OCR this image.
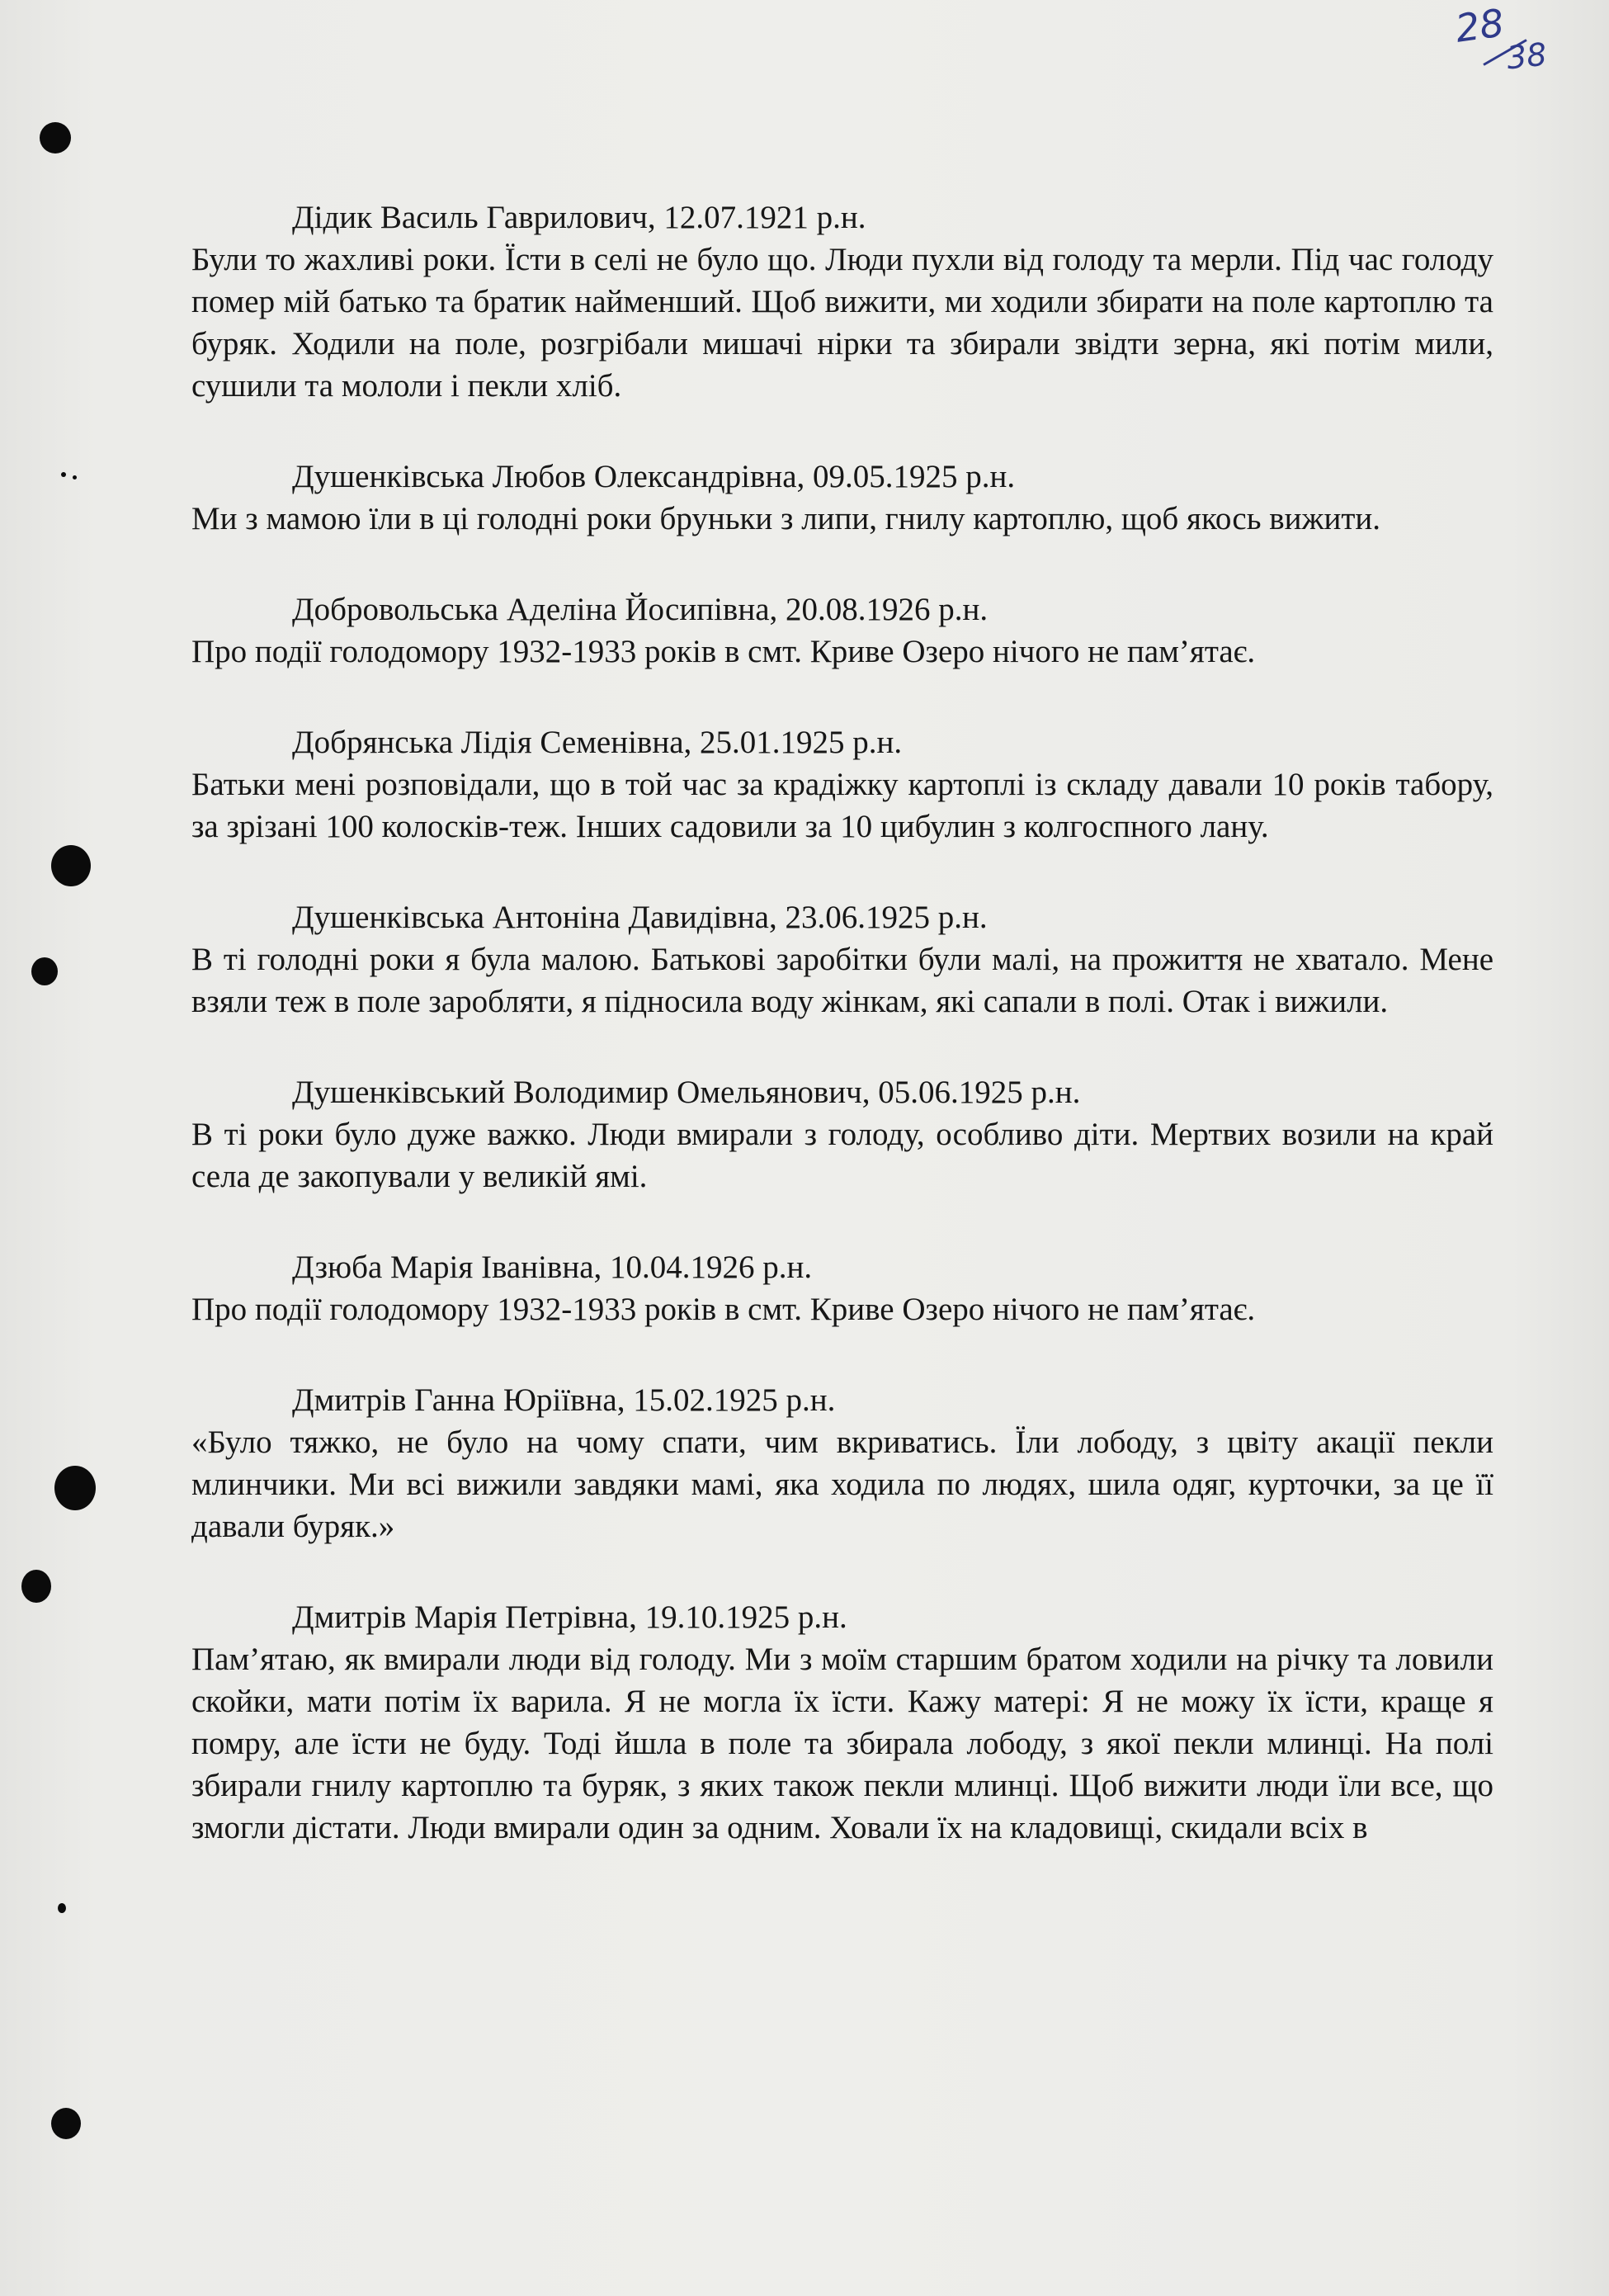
28
38

Дідик Василь Гаврилович, 12.07.1921 р.н.

Були то жахливі роки. Їсти в селі не було що. Люди пухли від голоду та мерли. Під час голоду помер мій батько та братик найменший. Щоб вижити, ми ходили збирати на поле картоплю та буряк. Ходили на поле, розгрібали мишачі нірки та збирали звідти зерна, які потім мили, сушили та мололи і пекли хліб.

Душенківська Любов Олександрівна, 09.05.1925 р.н.

Ми з мамою їли в ці голодні роки бруньки з липи, гнилу картоплю, щоб якось вижити.

Добровольська Аделіна Йосипівна, 20.08.1926 р.н.

Про події голодомору 1932-1933 років в смт. Криве Озеро нічого не пам’ятає.

Добрянська Лідія Семенівна, 25.01.1925 р.н.

Батьки мені розповідали, що в той час за крадіжку картоплі із складу давали 10 років табору, за зрізані 100 колосків-теж. Інших садовили за 10 цибулин з колгоспного лану.

Душенківська Антоніна Давидівна, 23.06.1925 р.н.

В ті голодні роки я була малою. Батькові заробітки були малі, на прожиття не хватало. Мене взяли теж в поле заробляти, я підносила воду жінкам, які сапали в полі. Отак і вижили.

Душенківський Володимир Омельянович, 05.06.1925 р.н.

В ті роки було дуже важко. Люди вмирали з голоду, особливо діти. Мертвих возили на край села де закопували у великій ямі.

Дзюба Марія Іванівна, 10.04.1926 р.н.

Про події голодомору 1932-1933 років в смт. Криве Озеро нічого не пам’ятає.

Дмитрів Ганна Юріївна, 15.02.1925 р.н.

«Було тяжко, не було на чому спати, чим вкриватись. Їли лободу, з цвіту акації пекли млинчики. Ми всі вижили завдяки мамі, яка ходила по людях, шила одяг, курточки, за це її давали буряк.»

Дмитрів Марія Петрівна, 19.10.1925 р.н.

Пам’ятаю, як вмирали люди від голоду. Ми з моїм старшим братом ходили на річку та ловили скойки, мати потім їх варила. Я не могла їх їсти. Кажу матері: Я не можу їх їсти, краще я помру, але їсти не буду. Тоді йшла в поле та збирала лободу, з якої пекли млинці. На полі збирали гнилу картоплю та буряк, з яких також пекли млинці. Щоб вижити люди їли все, що змогли дістати. Люди вмирали один за одним. Ховали їх на кладовищі, скидали всіх в
